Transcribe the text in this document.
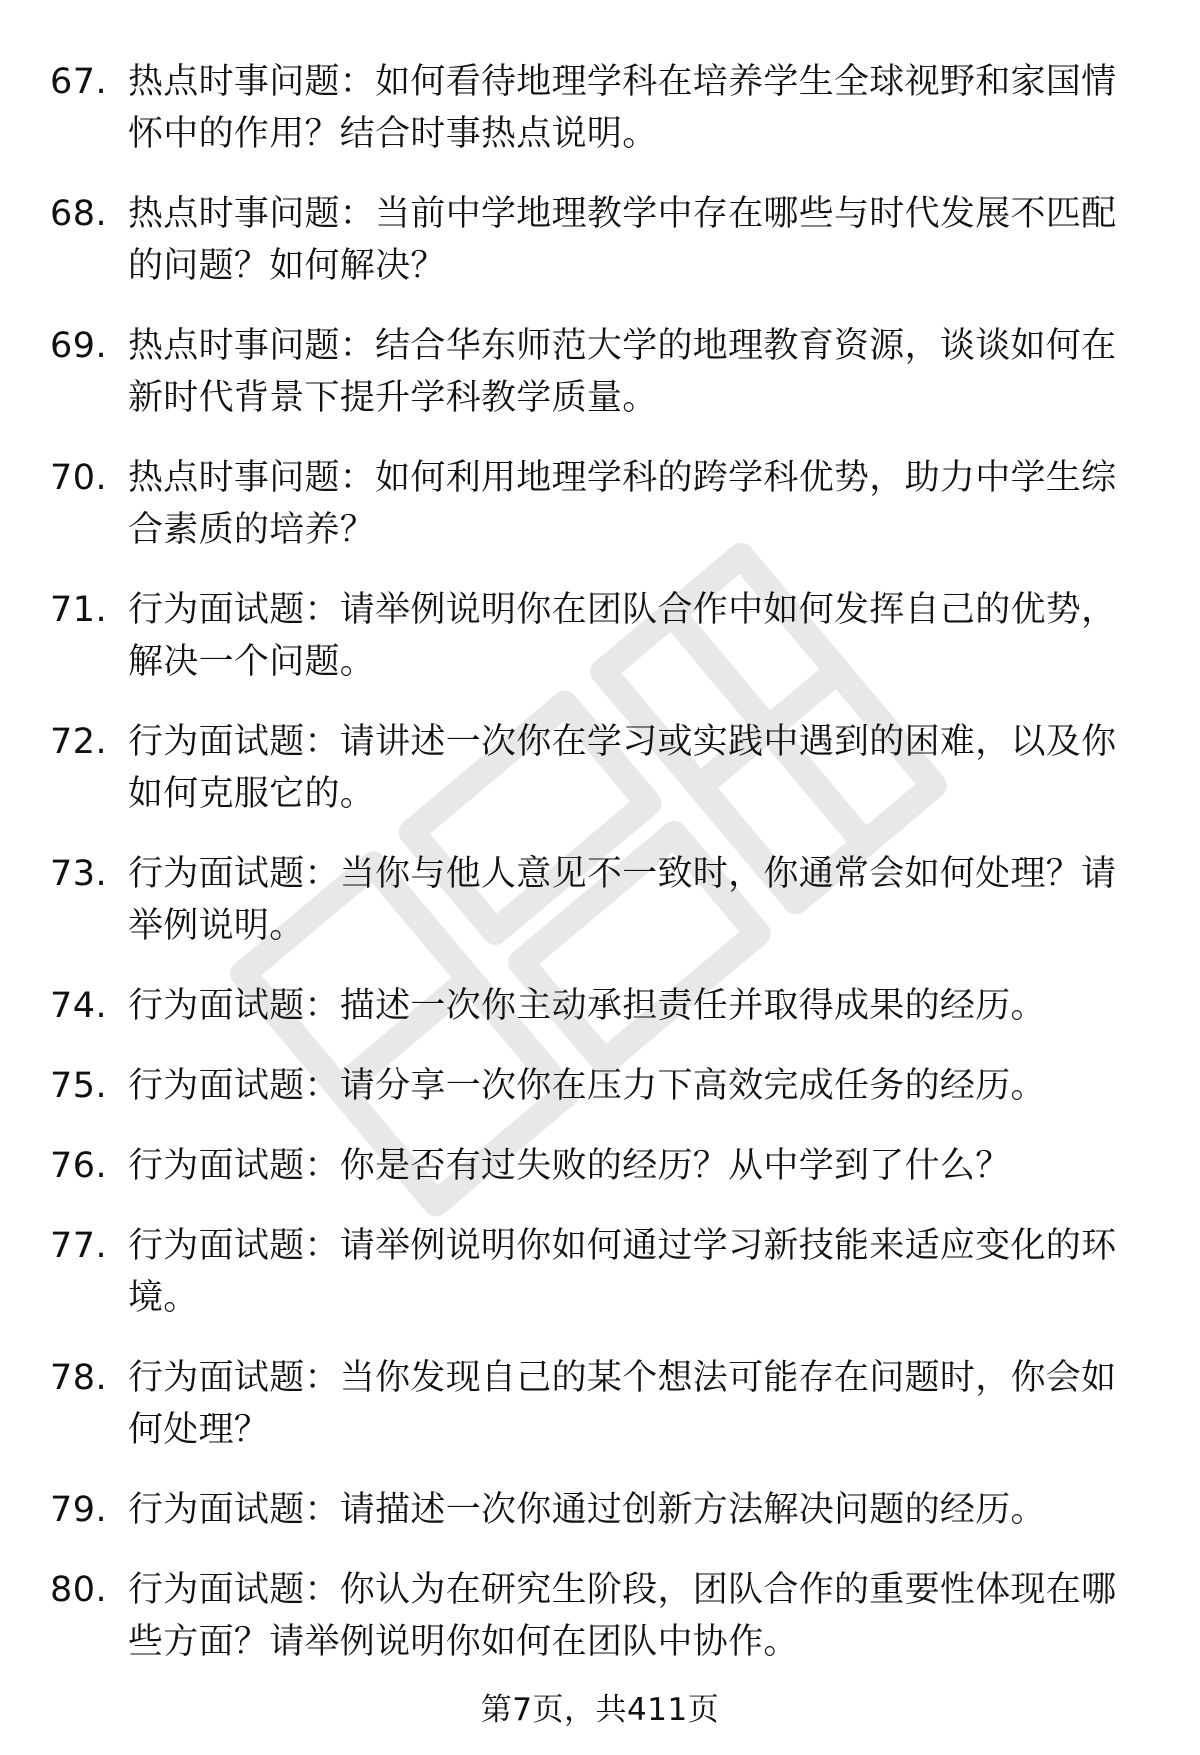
67. 热点时事问题：如何看待地理学科在培养学生全球视野和家国情怀中的作用？结合时事热点说明。
68. 热点时事问题：当前中学地理教学中存在哪些与时代发展不匹配的问题？如何解决？
69. 热点时事问题：结合华东师范大学的地理教育资源，谈谈如何在新时代背景下提升学科教学质量。
70. 热点时事问题：如何利用地理学科的跨学科优势，助力中学生综合素质的培养？
71. 行为面试题：请举例说明你在团队合作中如何发挥自己的优势，解决一个问题。
72. 行为面试题：请讲述一次你在学习或实践中遇到的困难，以及你如何克服它的。
73. 行为面试题：当你与他人意见不一致时，你通常会如何处理？请举例说明。
74. 行为面试题：描述一次你主动承担责任并取得成果的经历。
75. 行为面试题：请分享一次你在压力下高效完成任务的经历。
76. 行为面试题：你是否有过失败的经历？从中学到了什么？
77. 行为面试题：请举例说明你如何通过学习新技能来适应变化的环境。
78. 行为面试题：当你发现自己的某个想法可能存在问题时，你会如何处理？
79. 行为面试题：请描述一次你通过创新方法解决问题的经历。
80. 行为面试题：你认为在研究生阶段，团队合作的重要性体现在哪些方面？请举例说明你如何在团队中协作。
第7页，共411页
